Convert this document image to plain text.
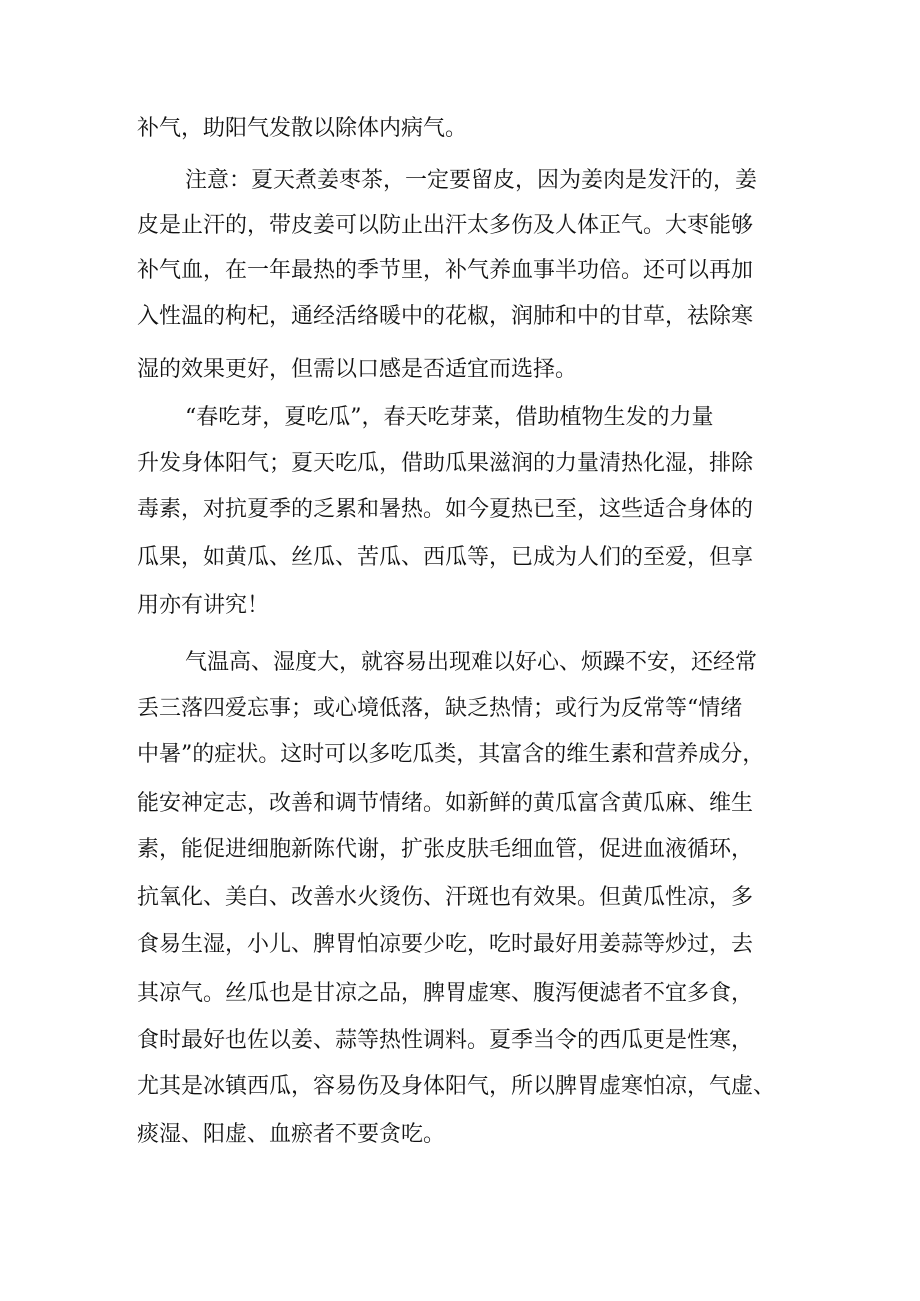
补气，助阳气发散以除体内病气。
注意：夏天煮姜枣茶，一定要留皮，因为姜肉是发汗的，姜
皮是止汗的，带皮姜可以防止出汗太多伤及人体正气。大枣能够
补气血，在一年最热的季节里，补气养血事半功倍。还可以再加
入性温的枸杞，通经活络暖中的花椒，润肺和中的甘草，祛除寒
湿的效果更好，但需以口感是否适宜而选择。
“春吃芽，夏吃瓜”，春天吃芽菜，借助植物生发的力量
升发身体阳气；夏天吃瓜，借助瓜果滋润的力量清热化湿，排除
毒素，对抗夏季的乏累和暑热。如今夏热已至，这些适合身体的
瓜果，如黄瓜、丝瓜、苦瓜、西瓜等，已成为人们的至爱，但享
用亦有讲究！
气温高、湿度大，就容易出现难以好心、烦躁不安，还经常
丢三落四爱忘事；或心境低落，缺乏热情；或行为反常等“情绪
中暑”的症状。这时可以多吃瓜类，其富含的维生素和营养成分，
能安神定志，改善和调节情绪。如新鲜的黄瓜富含黄瓜麻、维生
素，能促进细胞新陈代谢，扩张皮肤毛细血管，促进血液循环，
抗氧化、美白、改善水火烫伤、汗斑也有效果。但黄瓜性凉，多
食易生湿，小儿、脾胃怕凉要少吃，吃时最好用姜蒜等炒过，去
其凉气。丝瓜也是甘凉之品，脾胃虚寒、腹泻便滤者不宜多食，
食时最好也佐以姜、蒜等热性调料。夏季当令的西瓜更是性寒，
尤其是冰镇西瓜，容易伤及身体阳气，所以脾胃虚寒怕凉，气虚、
痰湿、阳虚、血瘀者不要贪吃。
